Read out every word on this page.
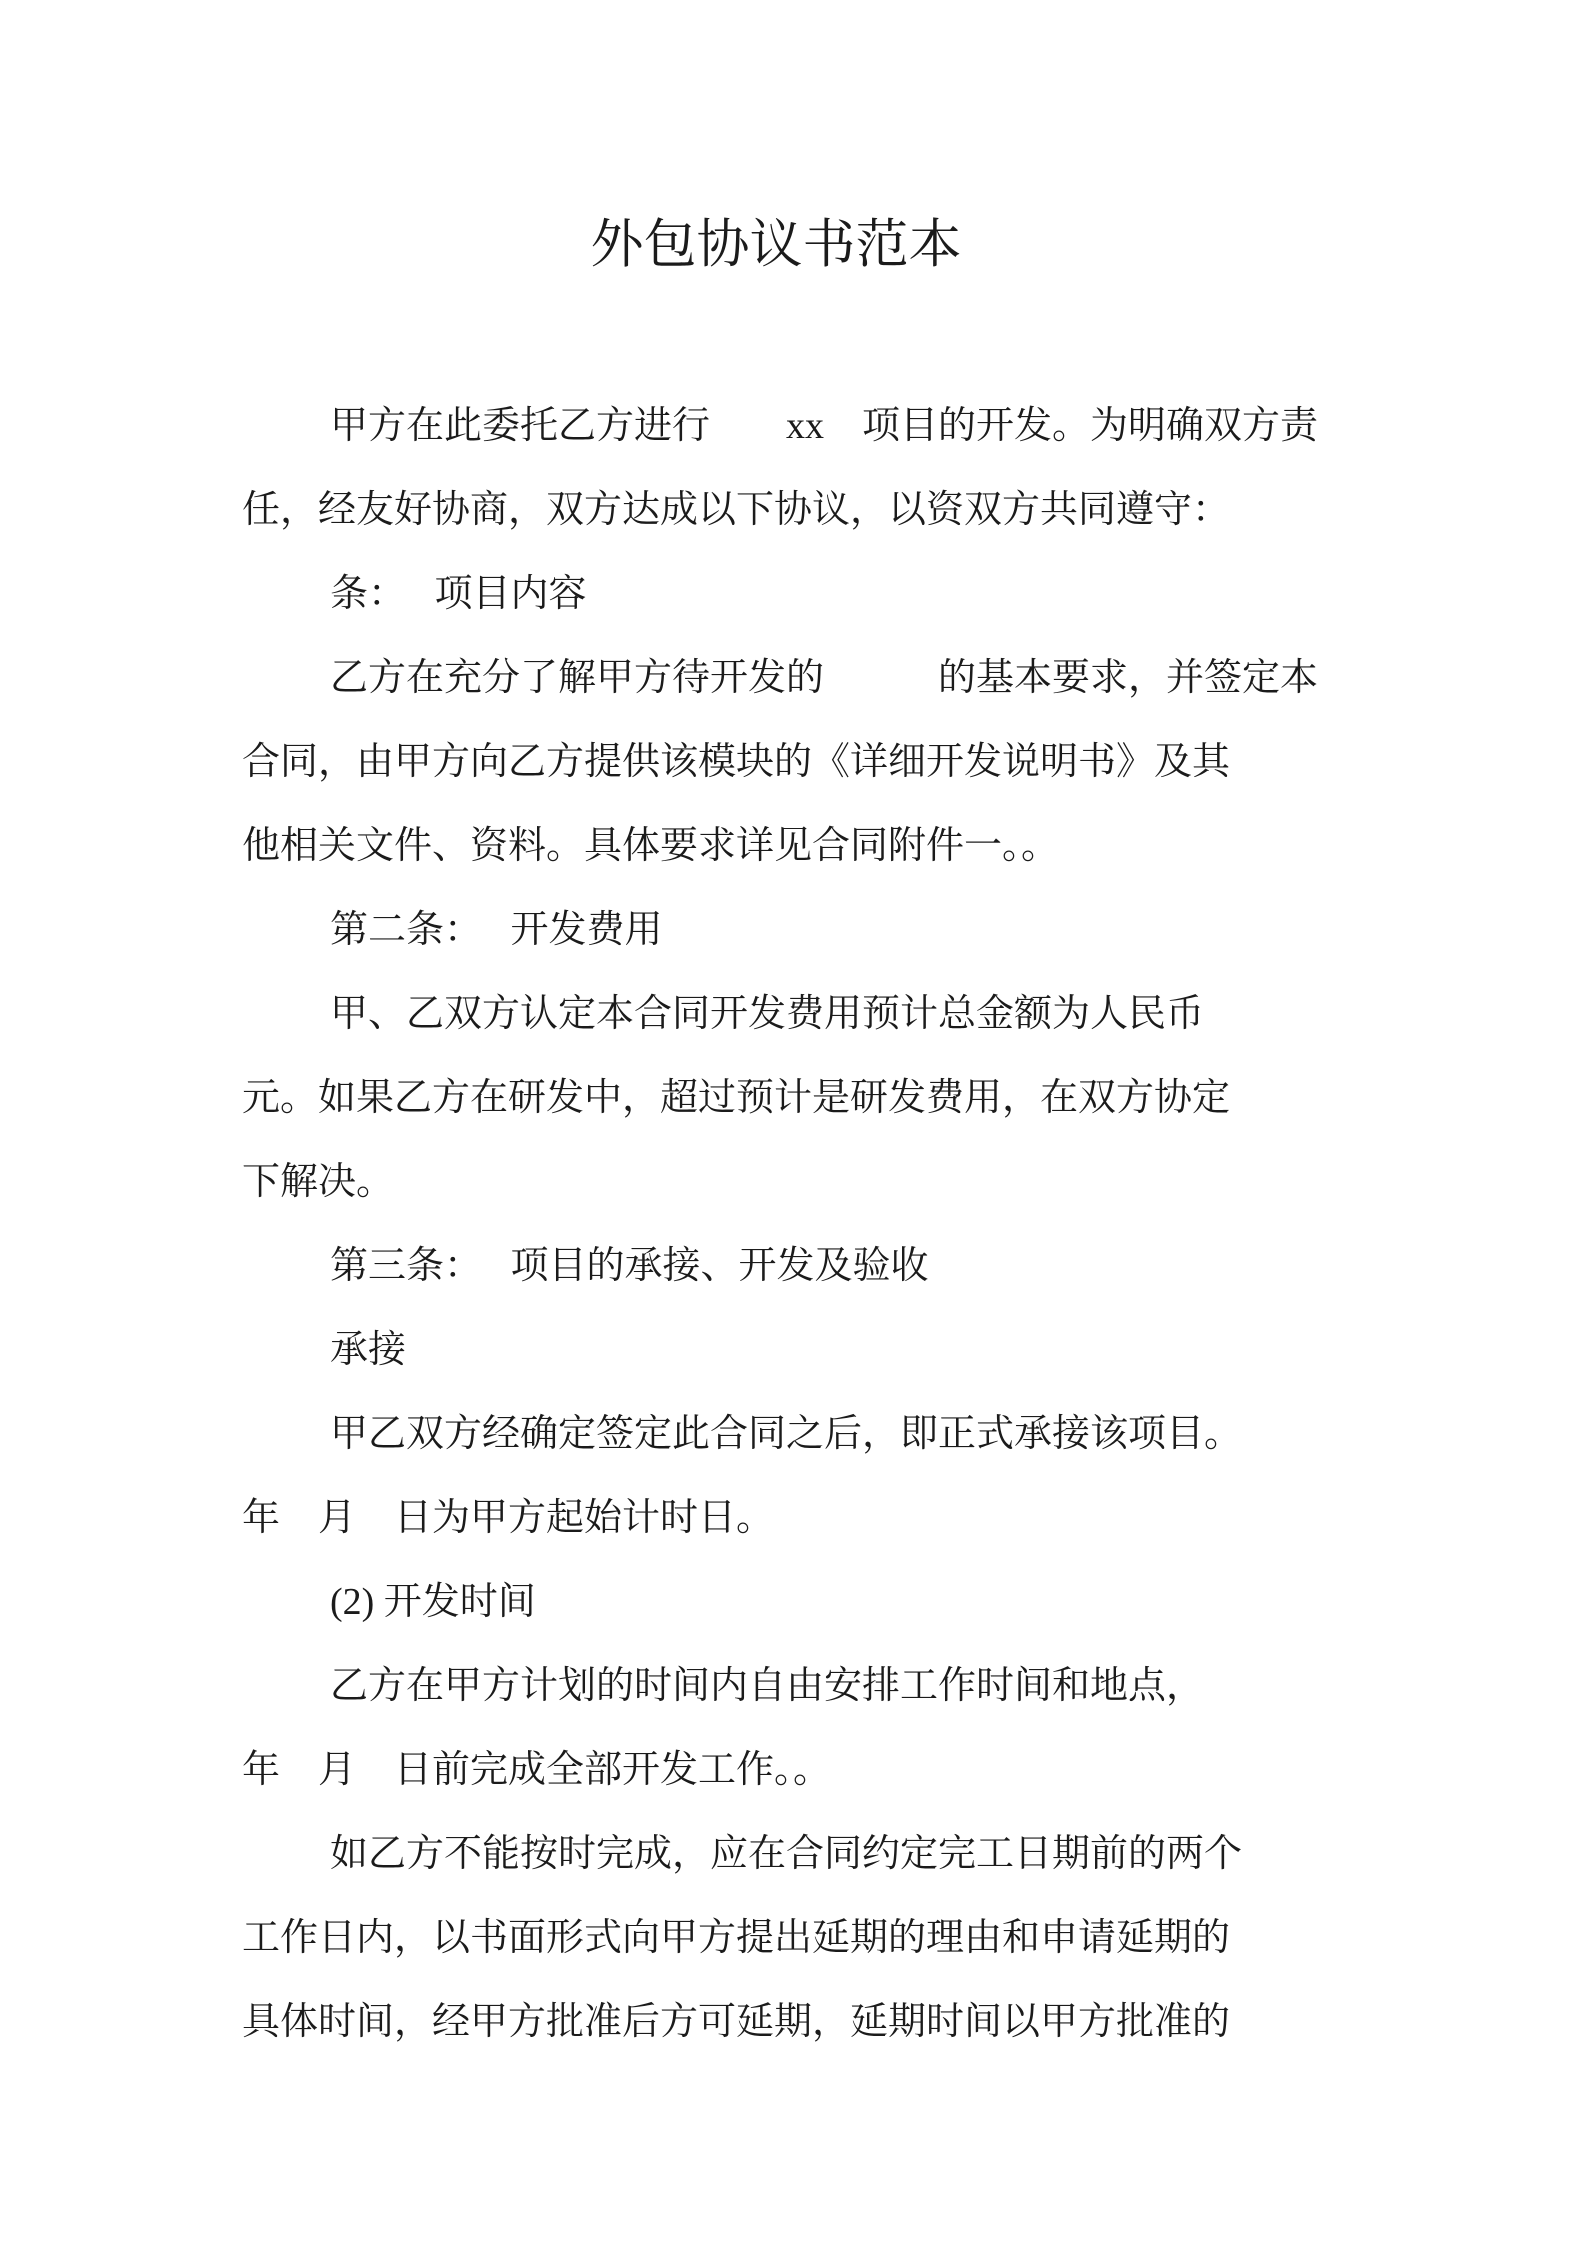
外包协议书范本
甲方在此委托乙方进行　　xx　项目的开发。为明确双方责
任，经友好协商，双方达成以下协议，以资双方共同遵守：
条：　 项目内容
乙方在充分了解甲方待开发的　　　的基本要求，并签定本
合同，由甲方向乙方提供该模块的《详细开发说明书》及其
他相关文件、资料。具体要求详见合同附件一。。
第二条：　 开发费用
甲、乙双方认定本合同开发费用预计总金额为人民币
元。如果乙方在研发中，超过预计是研发费用，在双方协定
下解决。
第三条：　 项目的承接、开发及验收
承接
甲乙双方经确定签定此合同之后，即正式承接该项目。
年　月　日为甲方起始计时日。
(2) 开发时间
乙方在甲方计划的时间内自由安排工作时间和地点，
年　月　日前完成全部开发工作。。
如乙方不能按时完成，应在合同约定完工日期前的两个
工作日内，以书面形式向甲方提出延期的理由和申请延期的
具体时间，经甲方批准后方可延期，延期时间以甲方批准的
